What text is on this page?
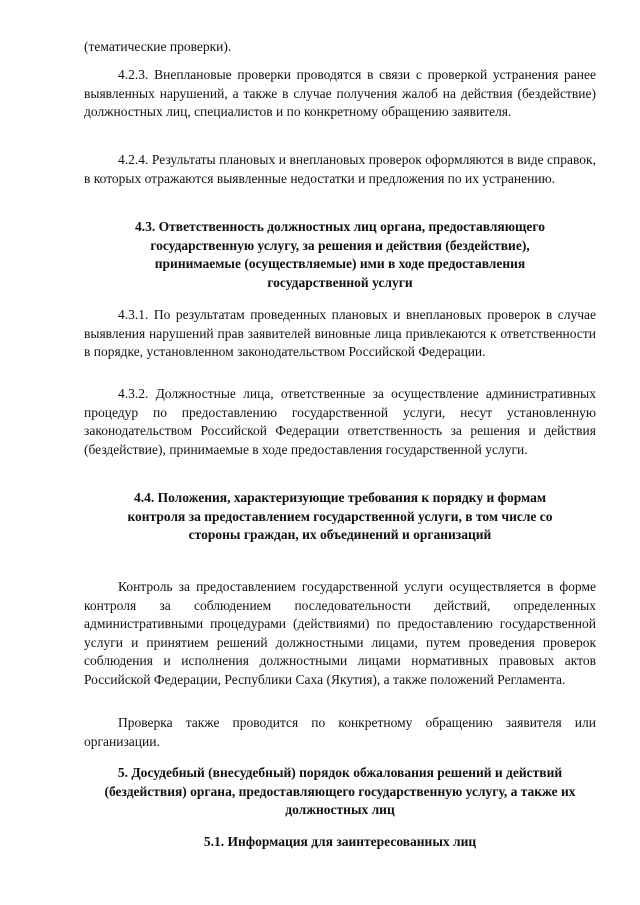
(тематические проверки).
4.2.3. Внеплановые проверки проводятся в связи с проверкой устранения ранее выявленных нарушений, а также в случае получения жалоб на действия (бездействие) должностных лиц, специалистов и по конкретному обращению заявителя.
4.2.4. Результаты плановых и внеплановых проверок оформляются в виде справок, в которых отражаются выявленные недостатки и предложения по их устранению.
4.3. Ответственность должностных лиц органа, предоставляющего государственную услугу, за решения и действия (бездействие), принимаемые (осуществляемые) ими в ходе предоставления государственной услуги
4.3.1. По результатам проведенных плановых и внеплановых проверок в случае выявления нарушений прав заявителей виновные лица привлекаются к ответственности в порядке, установленном законодательством Российской Федерации.
4.3.2. Должностные лица, ответственные за осуществление административных процедур по предоставлению государственной услуги, несут установленную законодательством Российской Федерации ответственность за решения и действия (бездействие), принимаемые в ходе предоставления государственной услуги.
4.4. Положения, характеризующие требования к порядку и формам контроля за предоставлением государственной услуги, в том числе со стороны граждан, их объединений и организаций
Контроль за предоставлением государственной услуги осуществляется в форме контроля за соблюдением последовательности действий, определенных административными процедурами (действиями) по предоставлению государственной услуги и принятием решений должностными лицами, путем проведения проверок соблюдения и исполнения должностными лицами нормативных правовых актов Российской Федерации, Республики Саха (Якутия), а также положений Регламента.
Проверка также проводится по конкретному обращению заявителя или организации.
5. Досудебный (внесудебный) порядок обжалования решений и действий (бездействия) органа, предоставляющего государственную услугу, а также их должностных лиц
5.1. Информация для заинтересованных лиц
